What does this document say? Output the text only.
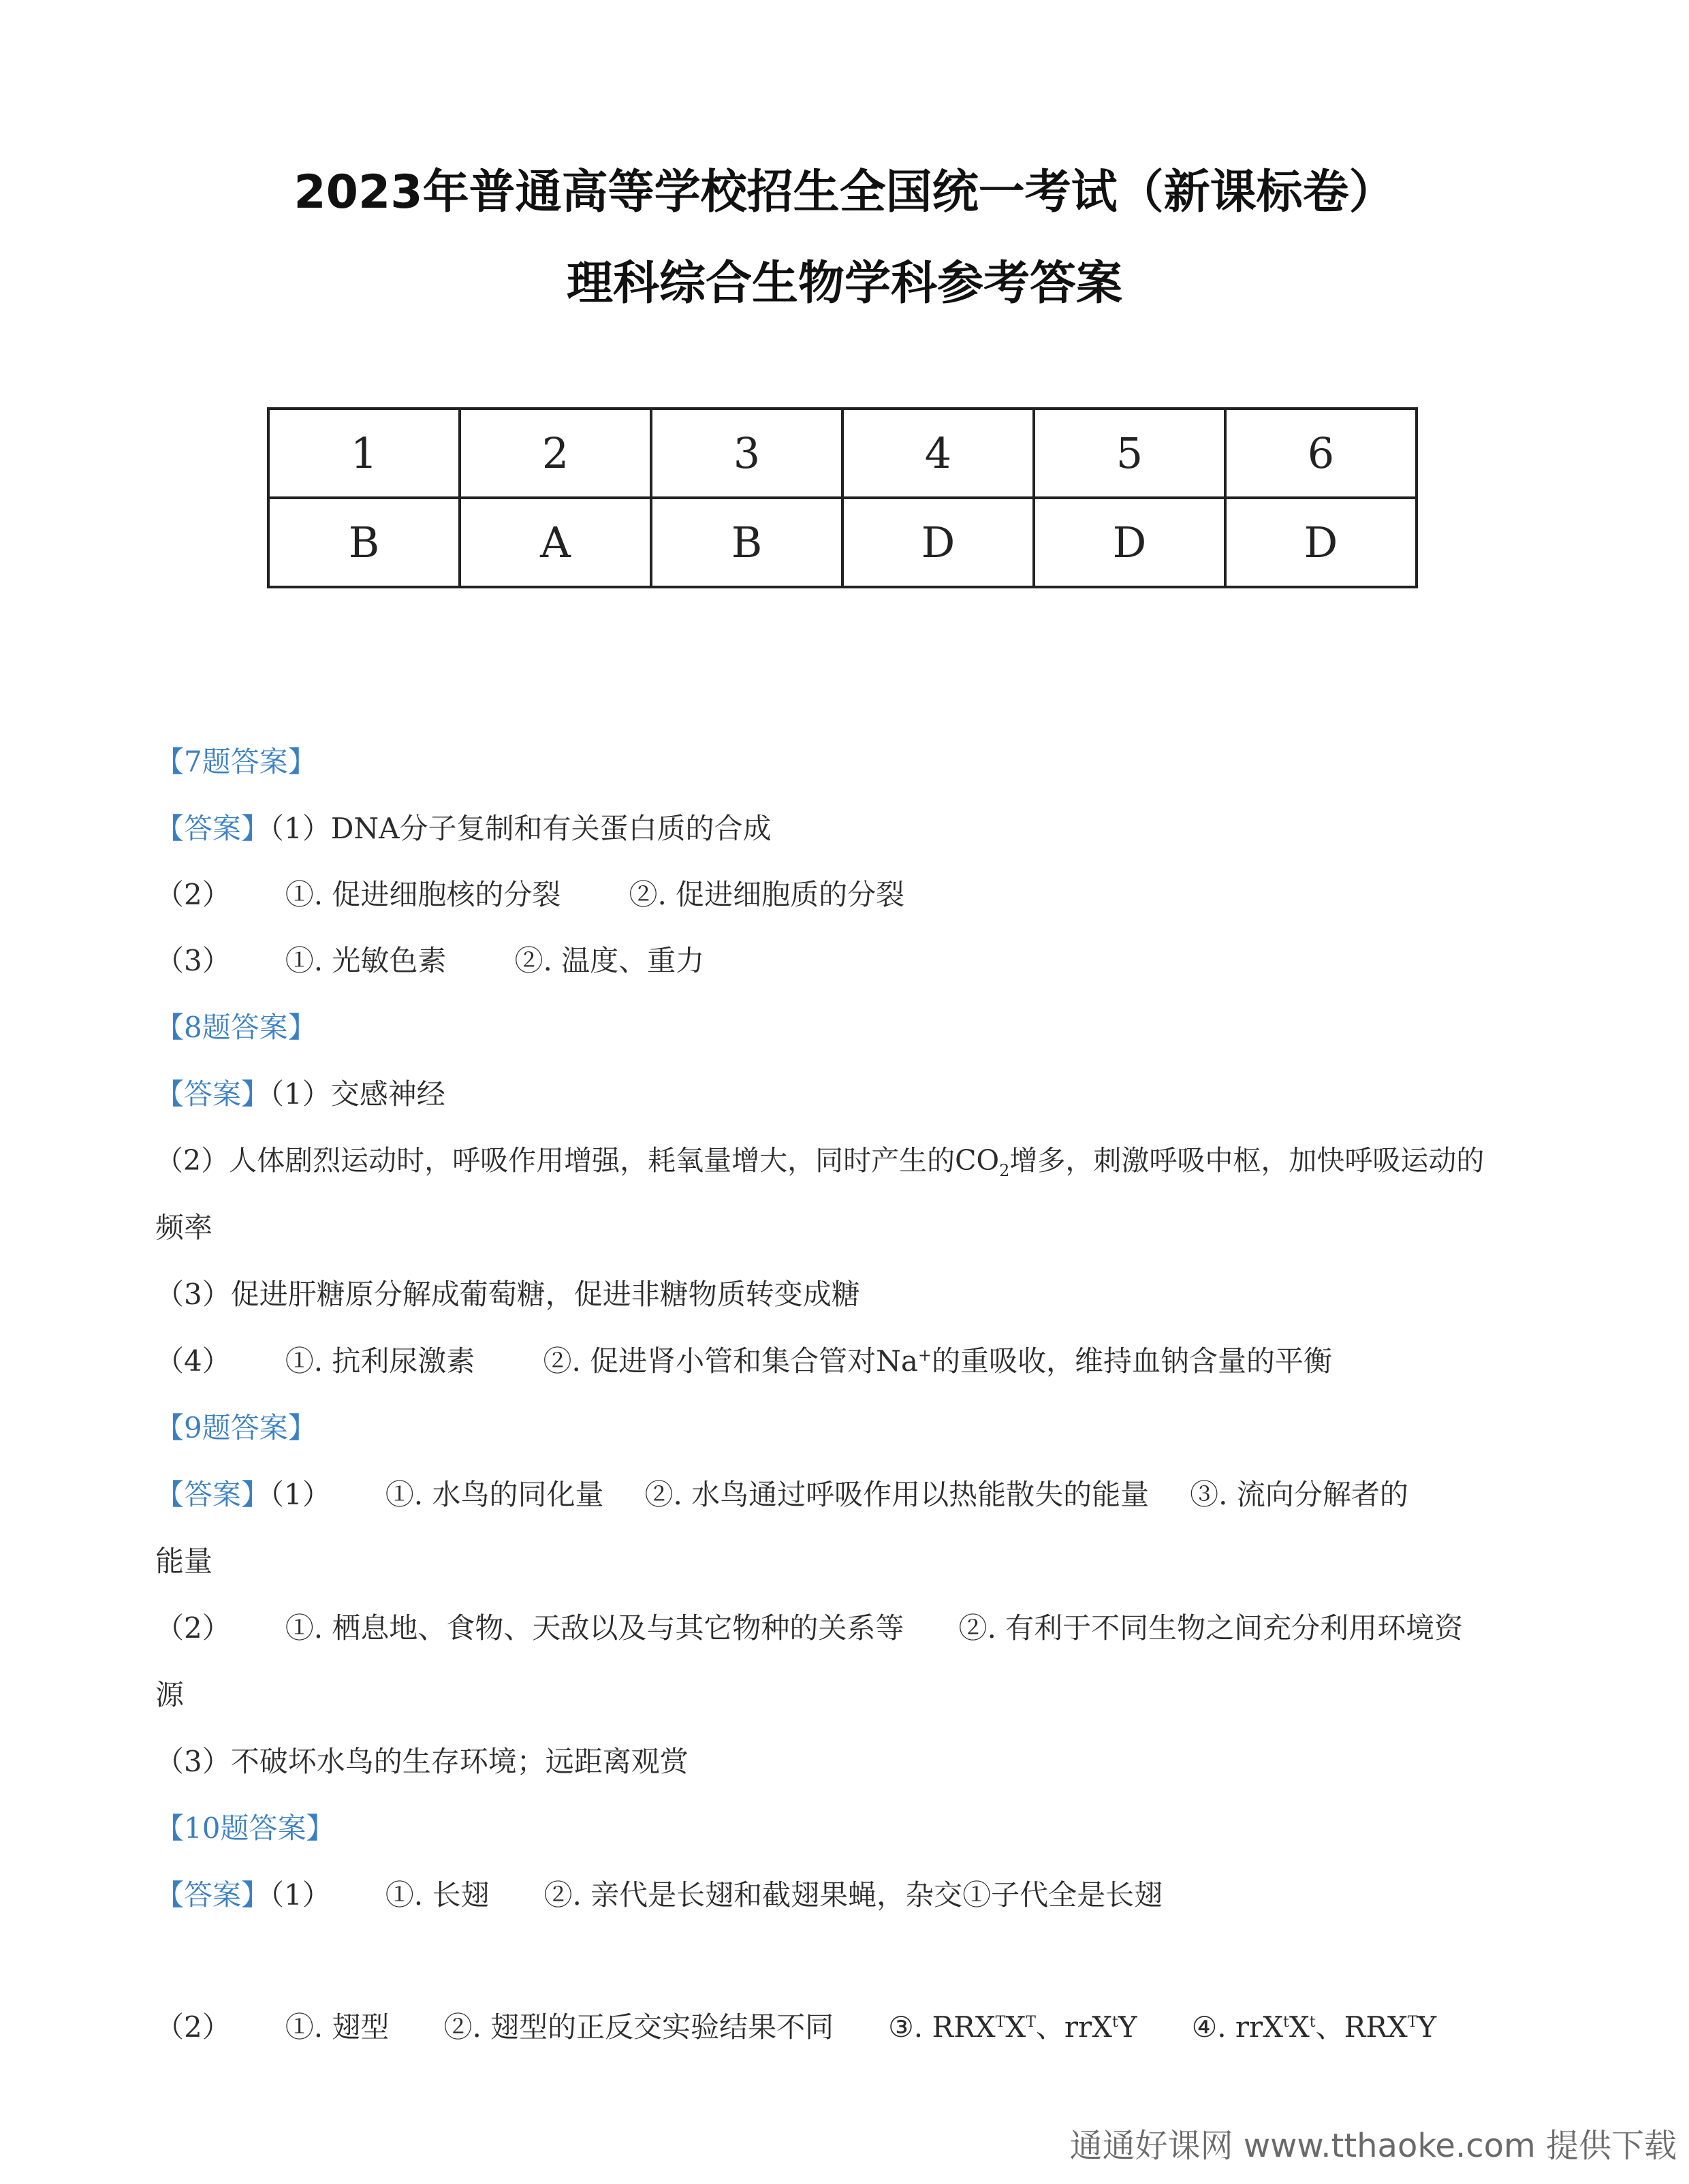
2023年普通高等学校招生全国统一考试（新课标卷）
理科综合生物学科参考答案
1	2	3	4	5	6
B	A	B	D	D	D
【7题答案】
【答案】（1）DNA分子复制和有关蛋白质的合成
（2） ①. 促进细胞核的分裂 ②. 促进细胞质的分裂
（3） ①. 光敏色素 ②. 温度、重力
【8题答案】
【答案】（1）交感神经
（2）人体剧烈运动时，呼吸作用增强，耗氧量增大，同时产生的$CO_2$增多，刺激呼吸中枢，加快呼吸运动的
频率
（3）促进肝糖原分解成葡萄糖，促进非糖物质转变成糖
（4） ①. 抗利尿激素 ②. 促进肾小管和集合管对Na+的重吸收，维持血钠含量的平衡
【9题答案】
【答案】（1） ①. 水鸟的同化量 ②. 水鸟通过呼吸作用以热能散失的能量 ③. 流向分解者的
能量
（2） ①. 栖息地、食物、天敌以及与其它物种的关系等 ②. 有利于不同生物之间充分利用环境资
源
（3）不破坏水鸟的生存环境；远距离观赏
【10题答案】
【答案】（1） ①. 长翅 ②. 亲代是长翅和截翅果蝇，杂交①子代全是长翅
（2） ①. 翅型 ②. 翅型的正反交实验结果不同 ③. $RRX^TX^T$、rrX$^t$Y ④. $rrX^tX^t$、$RRX^TY$
通通好课网 www.tthaoke.com 提供下载
